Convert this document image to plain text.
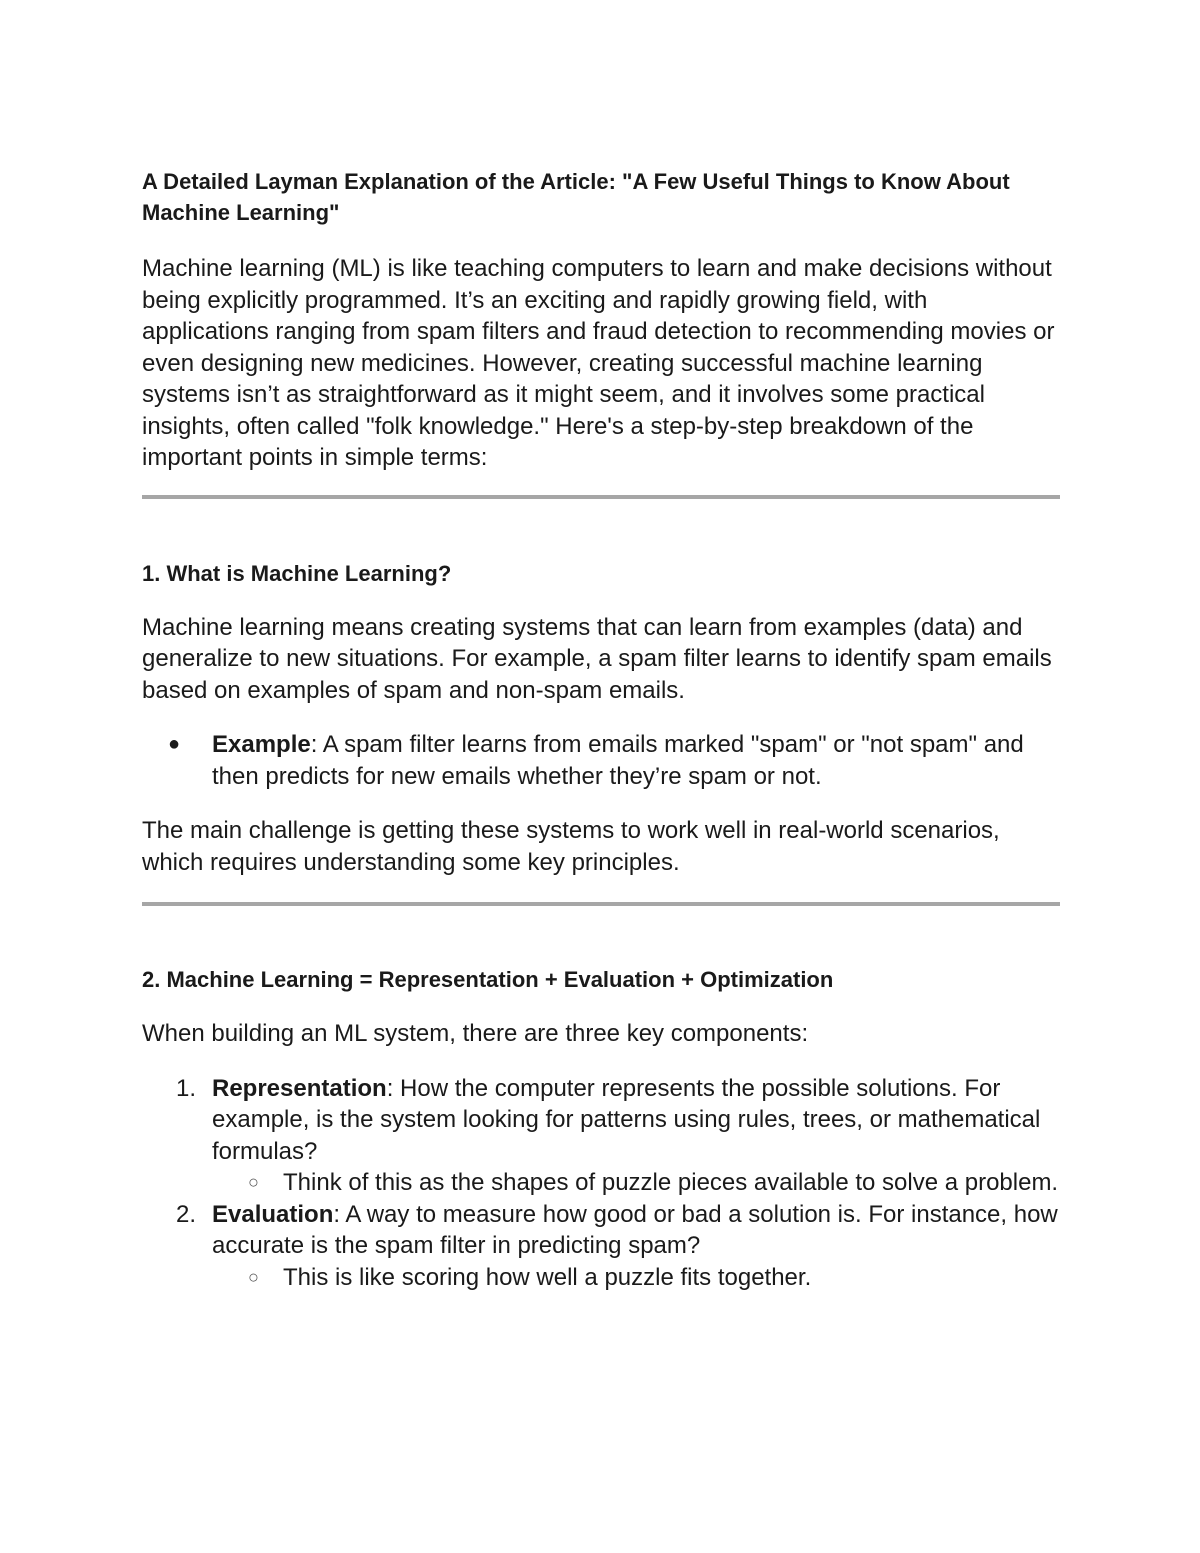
A Detailed Layman Explanation of the Article: "A Few Useful Things to Know About Machine Learning"

Machine learning (ML) is like teaching computers to learn and make decisions without being explicitly programmed. It’s an exciting and rapidly growing field, with applications ranging from spam filters and fraud detection to recommending movies or even designing new medicines. However, creating successful machine learning systems isn’t as straightforward as it might seem, and it involves some practical insights, often called "folk knowledge." Here's a step-by-step breakdown of the important points in simple terms:

1. What is Machine Learning?

Machine learning means creating systems that can learn from examples (data) and generalize to new situations. For example, a spam filter learns to identify spam emails based on examples of spam and non-spam emails.

● Example: A spam filter learns from emails marked "spam" or "not spam" and then predicts for new emails whether they’re spam or not.

The main challenge is getting these systems to work well in real-world scenarios, which requires understanding some key principles.

2. Machine Learning = Representation + Evaluation + Optimization

When building an ML system, there are three key components:

1. Representation: How the computer represents the possible solutions. For example, is the system looking for patterns using rules, trees, or mathematical formulas?
○ Think of this as the shapes of puzzle pieces available to solve a problem.
2. Evaluation: A way to measure how good or bad a solution is. For instance, how accurate is the spam filter in predicting spam?
○ This is like scoring how well a puzzle fits together.
